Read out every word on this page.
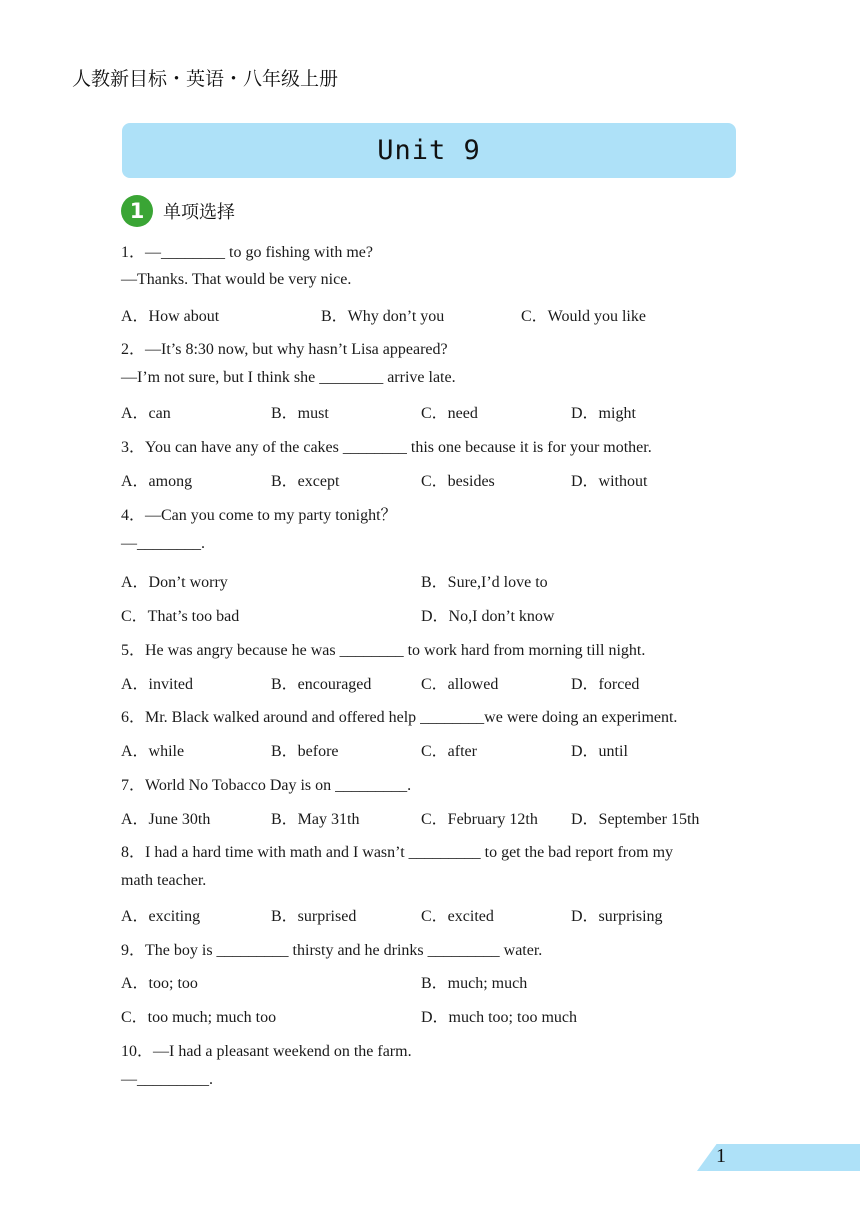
人教新目标・英语・八年级上册
Unit 9
1	单项选择
1．—________ to go fishing with me?
—Thanks. That would be very nice.
A．How about	B．Why don’t you	C．Would you like
2．—It’s 8:30 now, but why hasn’t Lisa appeared?
—I’m not sure, but I think she ________ arrive late.
A．can	B．must	C．need	D．might
3．You can have any of the cakes ________ this one because it is for your mother.
A．among	B．except	C．besides	D．without
4．—Can you come to my party tonight？
—________.
A．Don’t worry	B．Sure,I’d love to
C．That’s too bad	D．No,I don’t know
5．He was angry because he was ________ to work hard from morning till night.
A．invited	B．encouraged	C．allowed	D．forced
6．Mr. Black walked around and offered help ________we were doing an experiment.
A．while	B．before	C．after	D．until
7．World No Tobacco Day is on _________.
A．June 30th	B．May 31th	C．February 12th D．September 15th
8．I had a hard time with math and I wasn’t _________ to get the bad report from my
math teacher.
A．exciting	B．surprised	C．excited	D．surprising
9．The boy is _________ thirsty and he drinks _________ water.
A．too; too	B．much; much
C．too much; much too	D．much too; too much
10．—I had a pleasant weekend on the farm.
—_________.
1
